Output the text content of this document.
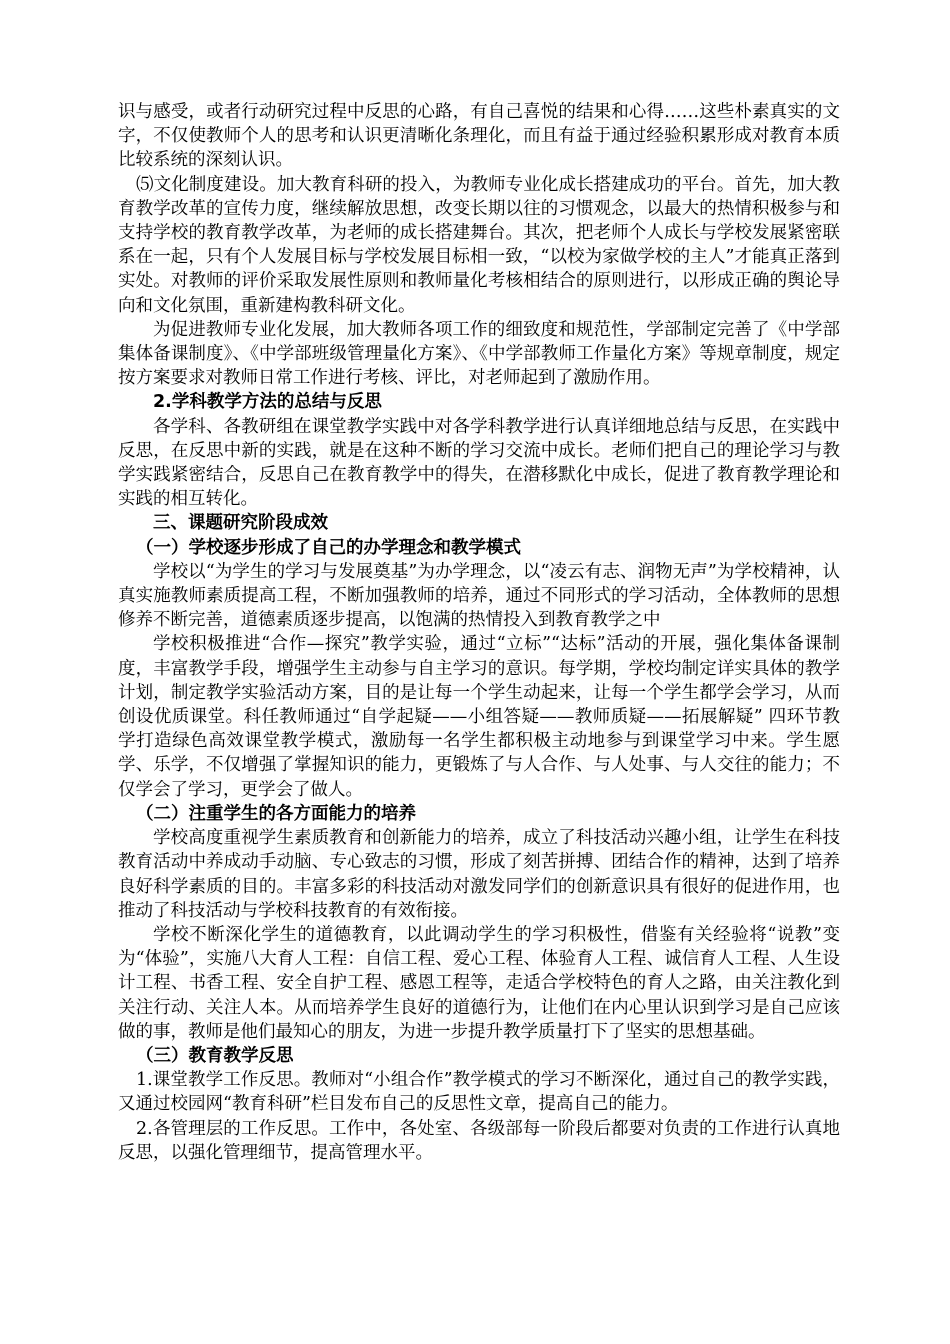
识与感受，或者行动研究过程中反思的心路，有自己喜悦的结果和心得……这些朴素真实的文字，不仅使教师个人的思考和认识更清晰化条理化，而且有益于通过经验积累形成对教育本质比较系统的深刻认识。

⑸文化制度建设。加大教育科研的投入，为教师专业化成长搭建成功的平台。首先，加大教育教学改革的宣传力度，继续解放思想，改变长期以往的习惯观念，以最大的热情积极参与和支持学校的教育教学改革，为老师的成长搭建舞台。其次，把老师个人成长与学校发展紧密联系在一起，只有个人发展目标与学校发展目标相一致，“以校为家做学校的主人”才能真正落到实处。对教师的评价采取发展性原则和教师量化考核相结合的原则进行，以形成正确的舆论导向和文化氛围，重新建构教科研文化。

为促进教师专业化发展，加大教师各项工作的细致度和规范性，学部制定完善了《中学部集体备课制度》、《中学部班级管理量化方案》、《中学部教师工作量化方案》等规章制度，规定按方案要求对教师日常工作进行考核、评比，对老师起到了激励作用。

2.学科教学方法的总结与反思

各学科、各教研组在课堂教学实践中对各学科教学进行认真详细地总结与反思，在实践中反思，在反思中新的实践，就是在这种不断的学习交流中成长。老师们把自己的理论学习与教学实践紧密结合，反思自己在教育教学中的得失，在潜移默化中成长，促进了教育教学理论和实践的相互转化。

三、课题研究阶段成效

（一）学校逐步形成了自己的办学理念和教学模式

学校以“为学生的学习与发展奠基”为办学理念，以“凌云有志、润物无声”为学校精神，认真实施教师素质提高工程，不断加强教师的培养，通过不同形式的学习活动，全体教师的思想修养不断完善，道德素质逐步提高，以饱满的热情投入到教育教学之中

学校积极推进“合作—探究”教学实验，通过“立标”“达标”活动的开展，强化集体备课制度，丰富教学手段，增强学生主动参与自主学习的意识。每学期，学校均制定详实具体的教学计划，制定教学实验活动方案，目的是让每一个学生动起来，让每一个学生都学会学习，从而创设优质课堂。科任教师通过“自学起疑——小组答疑——教师质疑——拓展解疑” 四环节教学打造绿色高效课堂教学模式，激励每一名学生都积极主动地参与到课堂学习中来。学生愿学、乐学，不仅增强了掌握知识的能力，更锻炼了与人合作、与人处事、与人交往的能力；不仅学会了学习，更学会了做人。

（二）注重学生的各方面能力的培养

学校高度重视学生素质教育和创新能力的培养，成立了科技活动兴趣小组，让学生在科技教育活动中养成动手动脑、专心致志的习惯，形成了刻苦拼搏、团结合作的精神，达到了培养良好科学素质的目的。丰富多彩的科技活动对激发同学们的创新意识具有很好的促进作用，也推动了科技活动与学校科技教育的有效衔接。

学校不断深化学生的道德教育，以此调动学生的学习积极性，借鉴有关经验将“说教”变为“体验”，实施八大育人工程：自信工程、爱心工程、体验育人工程、诚信育人工程、人生设计工程、书香工程、安全自护工程、感恩工程等，走适合学校特色的育人之路，由关注教化到关注行动、关注人本。从而培养学生良好的道德行为，让他们在内心里认识到学习是自己应该做的事，教师是他们最知心的朋友，为进一步提升教学质量打下了坚实的思想基础。

（三）教育教学反思

1.课堂教学工作反思。教师对“小组合作”教学模式的学习不断深化，通过自己的教学实践，又通过校园网“教育科研”栏目发布自己的反思性文章，提高自己的能力。

2.各管理层的工作反思。工作中，各处室、各级部每一阶段后都要对负责的工作进行认真地反思，以强化管理细节，提高管理水平。
